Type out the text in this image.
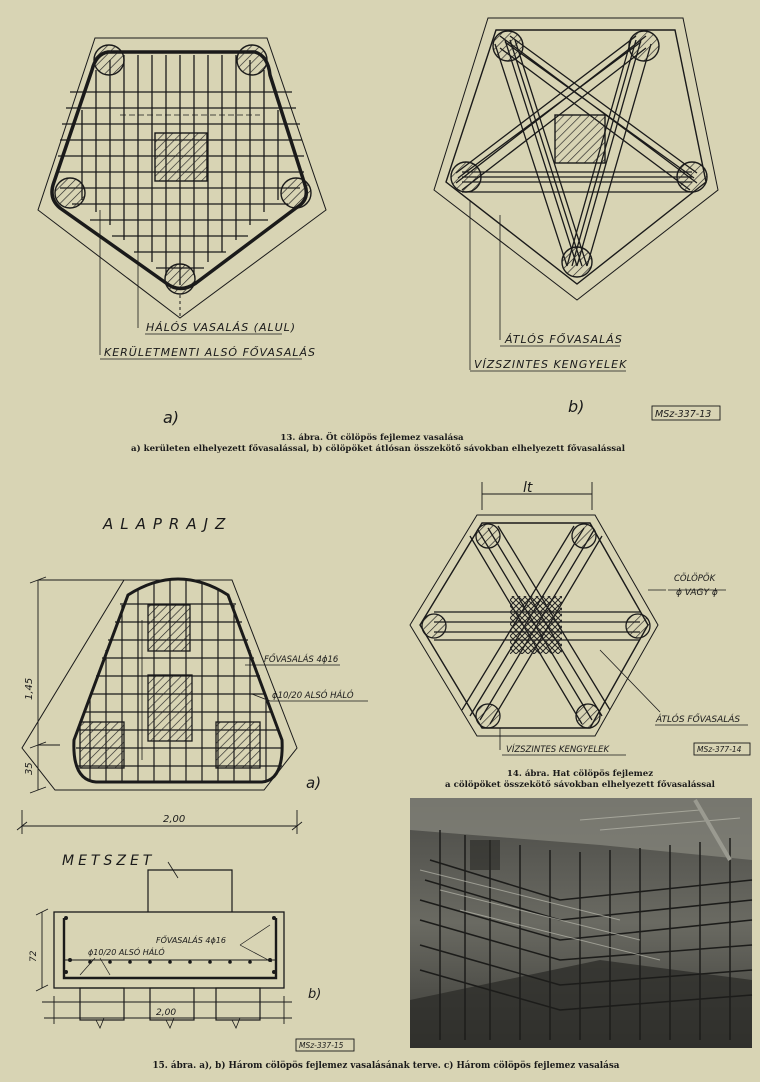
HÁLÓS VASALÁS (ALUL)
KERÜLETMENTI ALSÓ FŐVASALÁS
a)
ÁTLÓS FŐVASALÁS
VÍZSZINTES KENGYELEK
b)	MSz-337-13
13. ábra. Öt cölöpös fejlemez vasalása
a) kerületen elhelyezett fővasalással, b) cölöpöket átlósan összekötő sávokban elhelyezett fővasalással
ALAPRAJZ
1,45
35
2,00
FŐVASALÁS 4ϕ16
ϕ10/20 ALSÓ HÁLÓ
a)
METSZET
72
FŐVASALÁS 4ϕ16
ϕ10/20 ALSÓ HÁLÓ
2,00
b)
MSz-337-15
lt
CÖLÖPÖK
ϕ VAGY ϕ
ÁTLÓS FŐVASALÁS
VÍZSZINTES KENGYELEK	MSz-377-14
14. ábra. Hat cölöpös fejlemez
a cölöpöket összekötő sávokban elhelyezett fővasalással
15. ábra. a), b) Három cölöpös fejlemez vasalásának terve. c) Három cölöpös fejlemez vasalása
